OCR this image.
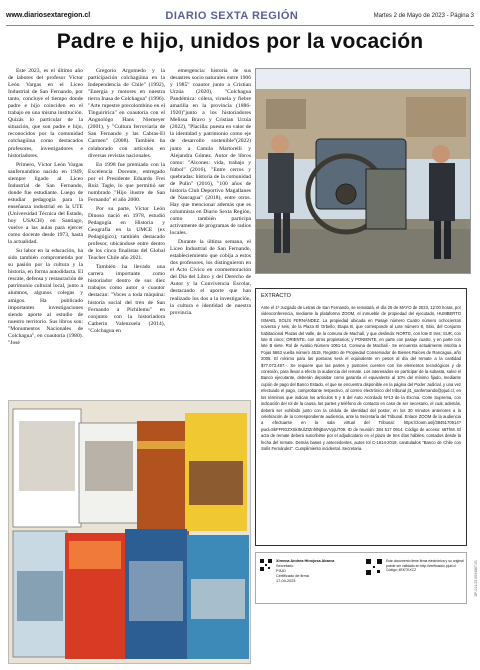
www.diariosextaregion.cl	DIARIO SEXTA REGIÓN	Martes 2 de Mayo de 2023 - Página 3
Padre e hijo, unidos por la vocación

Este 2023, es el último año de labores del profesor Víctor León Vargas en el Liceo Industrial de San Fernando, por tanto, concluye el tiempo donde padre e hijo coinciden en el trabajo en una misma institución. Quizás lo particular de la situación, que son padre e hijo, reconocidos por la comunidad colchagüina como destacados profesores, investigadores e historiadores.

Primero, Víctor León Vargas sanfernandino nacido en 1949, siempre ligado al Liceo Industrial de San Fernando, donde fue estudiante. Luego de estudiar pedagogía para la enseñanza industrial en la UTE (Universidad Técnica del Estado, hoy USACH) en Santiago, vuelve a las aulas para ejercer como docente desde 1973, hasta la actualidad.

Su labor en la educación, ha sido también comprometida por su pasión por la cultura y la historia, en forma autodidacta. El rescate, defensa y restauración de patrimonio cultural local, junto a alumnos, algunos colegas y amigos. Ha publicado importantes investigaciones siendo aporte al estudio de nuestro territorio. Sus libros son: "Monumentos Nacionales de Colchagua", en coautoría (1980). "José

Gregorio Argomedo y la participación colchagüina en la Independencia de Chile" (1992), "Energía y motores en nuestra tierra Inasa de Colchagua" (1996). "Arte rupestre precolombino en el Tinguiririca" en coautoría con el Anguológo Hans Niemeyer (2001), y "Cultura ferroviaria de San Fernando y las Cabras-El Carmen" (2008). También ha colaborado con artículos en diversas revistas nacionales.

En 1998 fue premiado con la Excelencia Docente, entregado por el Presidente Eduardo Frei Ruiz Tagle, lo que permitió ser nombrado "Hijo ilustre de San Fernando" el año 2000.

Por su parte, Víctor León Dinoso nació en 1978, estudió Pedagogía en Historia y Geografía en la UMCE (ex Pedagógico), también destacado profesor, ubicándose entre dentro de los cinco finalistas del Global Teacher Chile año 2021.

También ha llevado una carrera importante como historiador dentro de sus diez trabajos como autor o coautor destacan: "Voces a toda máquina: historia social del tren de San Fernando a Pichilemu" en conjunto con la historiadora Catherin Valenzuela (2014), "Colchagua en

emergencia: historia de sus desastres socio naturales entre 1906 y 1985" coautor junto a Cristian Urzúa (2020), "Colchagua Pandémica: cólera, viruela y fiebre amarilla en la provincia (1886-1920)"junto a los historiadores Melissa Bravo y Cristian Urzúa (2022), "Placilla: puesta en valor de la identidad y patrimonio como eje de desarrollo sostenible"(2022) junto a Camila Martorelli y Alejandra Gómez. Autor de libros como: "Alcones: vida, trabajo y fútbol" (2016), "Entre cerros y quebradas: historia de la comunidad de Pulín" (2016), "100 años de historia Club Deportivo Magallanes de Nancagua" (2018), entre otros. Hay que mencionar además que es columnista en Diario Sexta Región, como también participa activamente de programas de radios locales.

Durante la última semana, el Liceo Industrial de San Fernando, estableciemiento que cobija a estos dos profesores, los distinguieron en el Acto Cívico en conmemoración del Día del Libro y del Derecho de Autor y la Convivencia Escolar, destacando el aporte que han realizado los dos a la investigación, la cultura e identidad de nuestra provincia.

EXTRACTO
Ante el 1º Juzgado de Letras de San Fernando, se rematará, el día 25 de MAYO de 2023, 12:00 horas, por videoconferencia, mediante la plataforma ZOOM, el inmueble de propiedad del ejecutado, HUMBERTO ISMAEL SOLÍS FERNÁNDEZ. La propiedad ubicada en Pasaje número Cuatro número ochocientos noventa y seis, de la Plaza El Orbello, Etapa B, que corresponde al Lote número 8, Sitio, del Conjunto habitacional Plazas del Valle, de la comuna de Machalí, y que deslinda: NORTE, con lote E tres; SUR, con lote B cinco; ORIENTE, con otros propietarios; y PONIENTE, en parte con pasaje cuatro, y en parte con lote B siete. Rol de Avalúo Número 1061-14, Comuna de Machalí.- Se encuentra actualmente inscrita a Fojas 5663 vuelta número 4519, Registro de Propiedad Conservador de Bienes Raíces de Rancagua, año 2006. El mínimo para las posturas será el equivalente en pesos al día del remate a la cantidad $77.073.497.-. Se requiere que las partes y postores cuenten con los elementos tecnológicos y de conexión, para llevar a efecto la audiencia del remate. Los interesados en participar de la subasta, salvo el Banco ejecutante, deberán depositar como garantía el equivalente al 10% del mínimo fijado, mediante cupón de pago del Banco Estado, el que se encuentra disponible en la página del Poder Judicial, y una vez efectuado el pago, comprobante respectivo, al correo electrónico del tribunal jl1_sanfernando@pjud.cl, en los términos que indican los artículos 5 y 6 del Auto Acordado Nº13 de la Excma. Corte Suprema, con indicación del rol de la causa, las partes y teléfono de contacto en caso de ser necesario, el cual, además, deberá ser exhibido junto con la cédula de identidad del postor, en los 30 minutos anteriores a la celebración de la correspondiente audiencia, ante la Secretaría del Tribunal. Enlace ZOOM de la audiencia a efectuarse en la sala virtual del Tribunal: https://zoom.us/j/3845170914?pwd=SkFFRGZXSkI5UlZtZnhlNjBoVVpjUT09. ID de reunión: 384 517 0914. Código de acceso: s6ThM. El acta de remate deberá suscribirse por el adjudicatario en el plazo de tres días hábiles, contados desde la fecha del remate. Demás bases y antecedentes, autos rol C-1814-2019, caratulados "Banco de Chile con Solís Fernández". Cumplimiento incidental. Secretaria.
Ximena Andrea Hinojosa Abarca
Secretario
PJUD
Certificado de firma
17-04-2023
Este documento tiene firma electrónica y su original puede ser validado en http://verificadoc.pjud.cl
Código: #EKTKXCZ	DF-014-23 0094887-01
